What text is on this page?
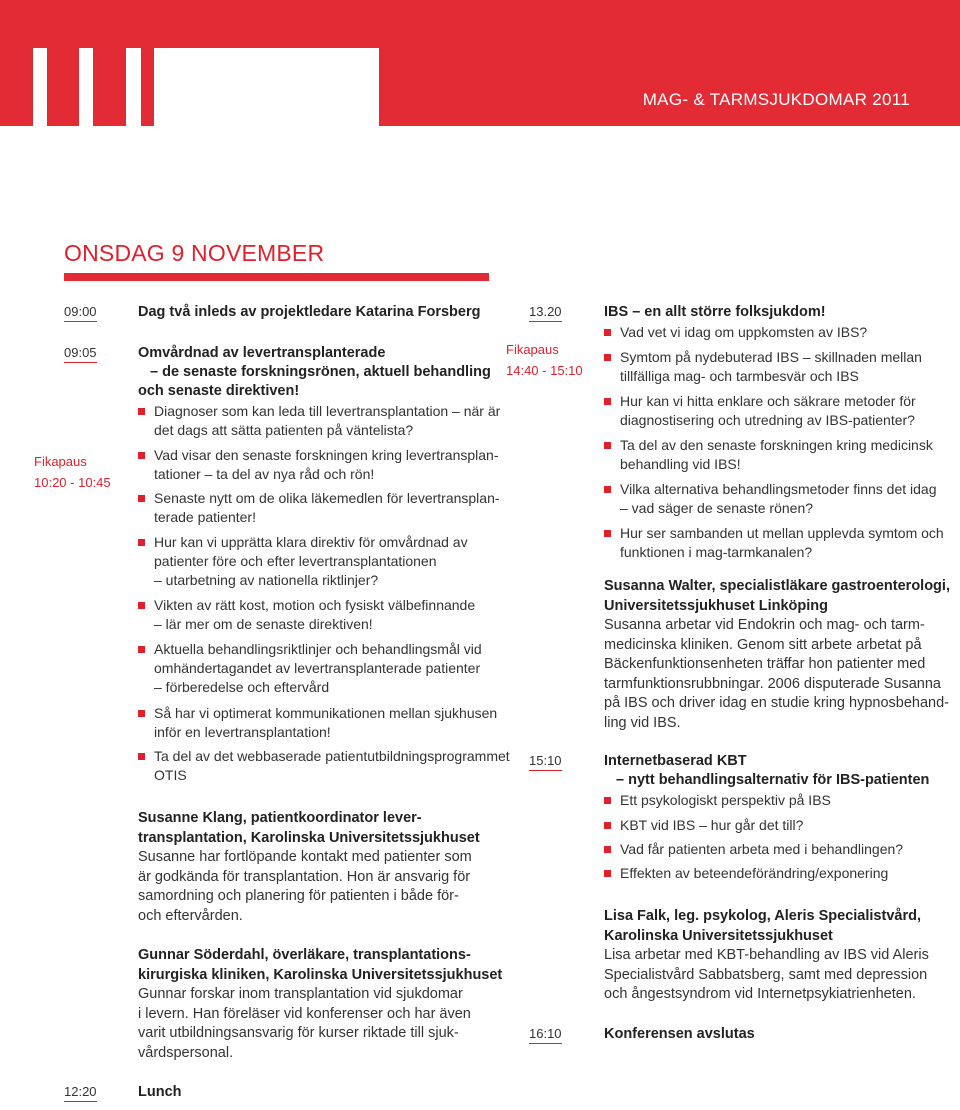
MAG- & TARMSJUKDOMAR 2011
ONSDAG 9 NOVEMBER
09:00	Dag två inleds av projektledare Katarina Forsberg
09:05	Omvårdnad av levertransplanterade
– de senaste forskningsrönen, aktuell behandling
och senaste direktiven!
Diagnoser som kan leda till levertransplantation – när är
det dags att sätta patienten på väntelista?
Vad visar den senaste forskningen kring levertransplan-
tationer – ta del av nya råd och rön!
Senaste nytt om de olika läkemedlen för levertransplan-
terade patienter!
Hur kan vi upprätta klara direktiv för omvårdnad av
patienter före och efter levertransplantationen
– utarbetning av nationella riktlinjer?
Vikten av rätt kost, motion och fysiskt välbefinnande
– lär mer om de senaste direktiven!
Aktuella behandlingsriktlinjer och behandlingsmål vid
omhändertagandet av levertransplanterade patienter
– förberedelse och eftervård
Så har vi optimerat kommunikationen mellan sjukhusen
inför en levertransplantation!
Ta del av det webbaserade patientutbildningsprogrammet
OTIS
Fikapaus
10:20 - 10:45
Susanne Klang, patientkoordinator lever-
transplantation, Karolinska Universitetssjukhuset
Susanne har fortlöpande kontakt med patienter som
är godkända för transplantation. Hon är ansvarig för
samordning och planering för patienten i både för-
och eftervården.
Gunnar Söderdahl, överläkare, transplantations-
kirurgiska kliniken, Karolinska Universitetssjukhuset
Gunnar forskar inom transplantation vid sjukdomar
i levern. Han föreläser vid konferenser och har även
varit utbildningsansvarig för kurser riktade till sjuk-
vårdspersonal.
12:20	Lunch
13.20	IBS – en allt större folksjukdom!
Fikapaus
14:40 - 15:10
Vad vet vi idag om uppkomsten av IBS?
Symtom på nydebuterad IBS – skillnaden mellan
tillfälliga mag- och tarmbesvär och IBS
Hur kan vi hitta enklare och säkrare metoder för
diagnostisering och utredning av IBS-patienter?
Ta del av den senaste forskningen kring medicinsk
behandling vid IBS!
Vilka alternativa behandlingsmetoder finns det idag
– vad säger de senaste rönen?
Hur ser sambanden ut mellan upplevda symtom och
funktionen i mag-tarmkanalen?
Susanna Walter, specialistläkare gastroenterologi,
Universitetssjukhuset Linköping
Susanna arbetar vid Endokrin och mag- och tarm-
medicinska kliniken. Genom sitt arbete arbetat på
Bäckenfunktionsenheten träffar hon patienter med
tarmfunktionsrubbningar. 2006 disputerade Susanna
på IBS och driver idag en studie kring hypnosbehand-
ling vid IBS.
15:10	Internetbaserad KBT
– nytt behandlingsalternativ för IBS-patienten
Ett psykologiskt perspektiv på IBS
KBT vid IBS – hur går det till?
Vad får patienten arbeta med i behandlingen?
Effekten av beteendeförändring/exponering
Lisa Falk, leg. psykolog, Aleris Specialistvård,
Karolinska Universitetssjukhuset
Lisa arbetar med KBT-behandling av IBS vid Aleris
Specialistvård Sabbatsberg, samt med depression
och ångestsyndrom vid Internetpsykiatrienheten.
16:10	Konferensen avslutas
